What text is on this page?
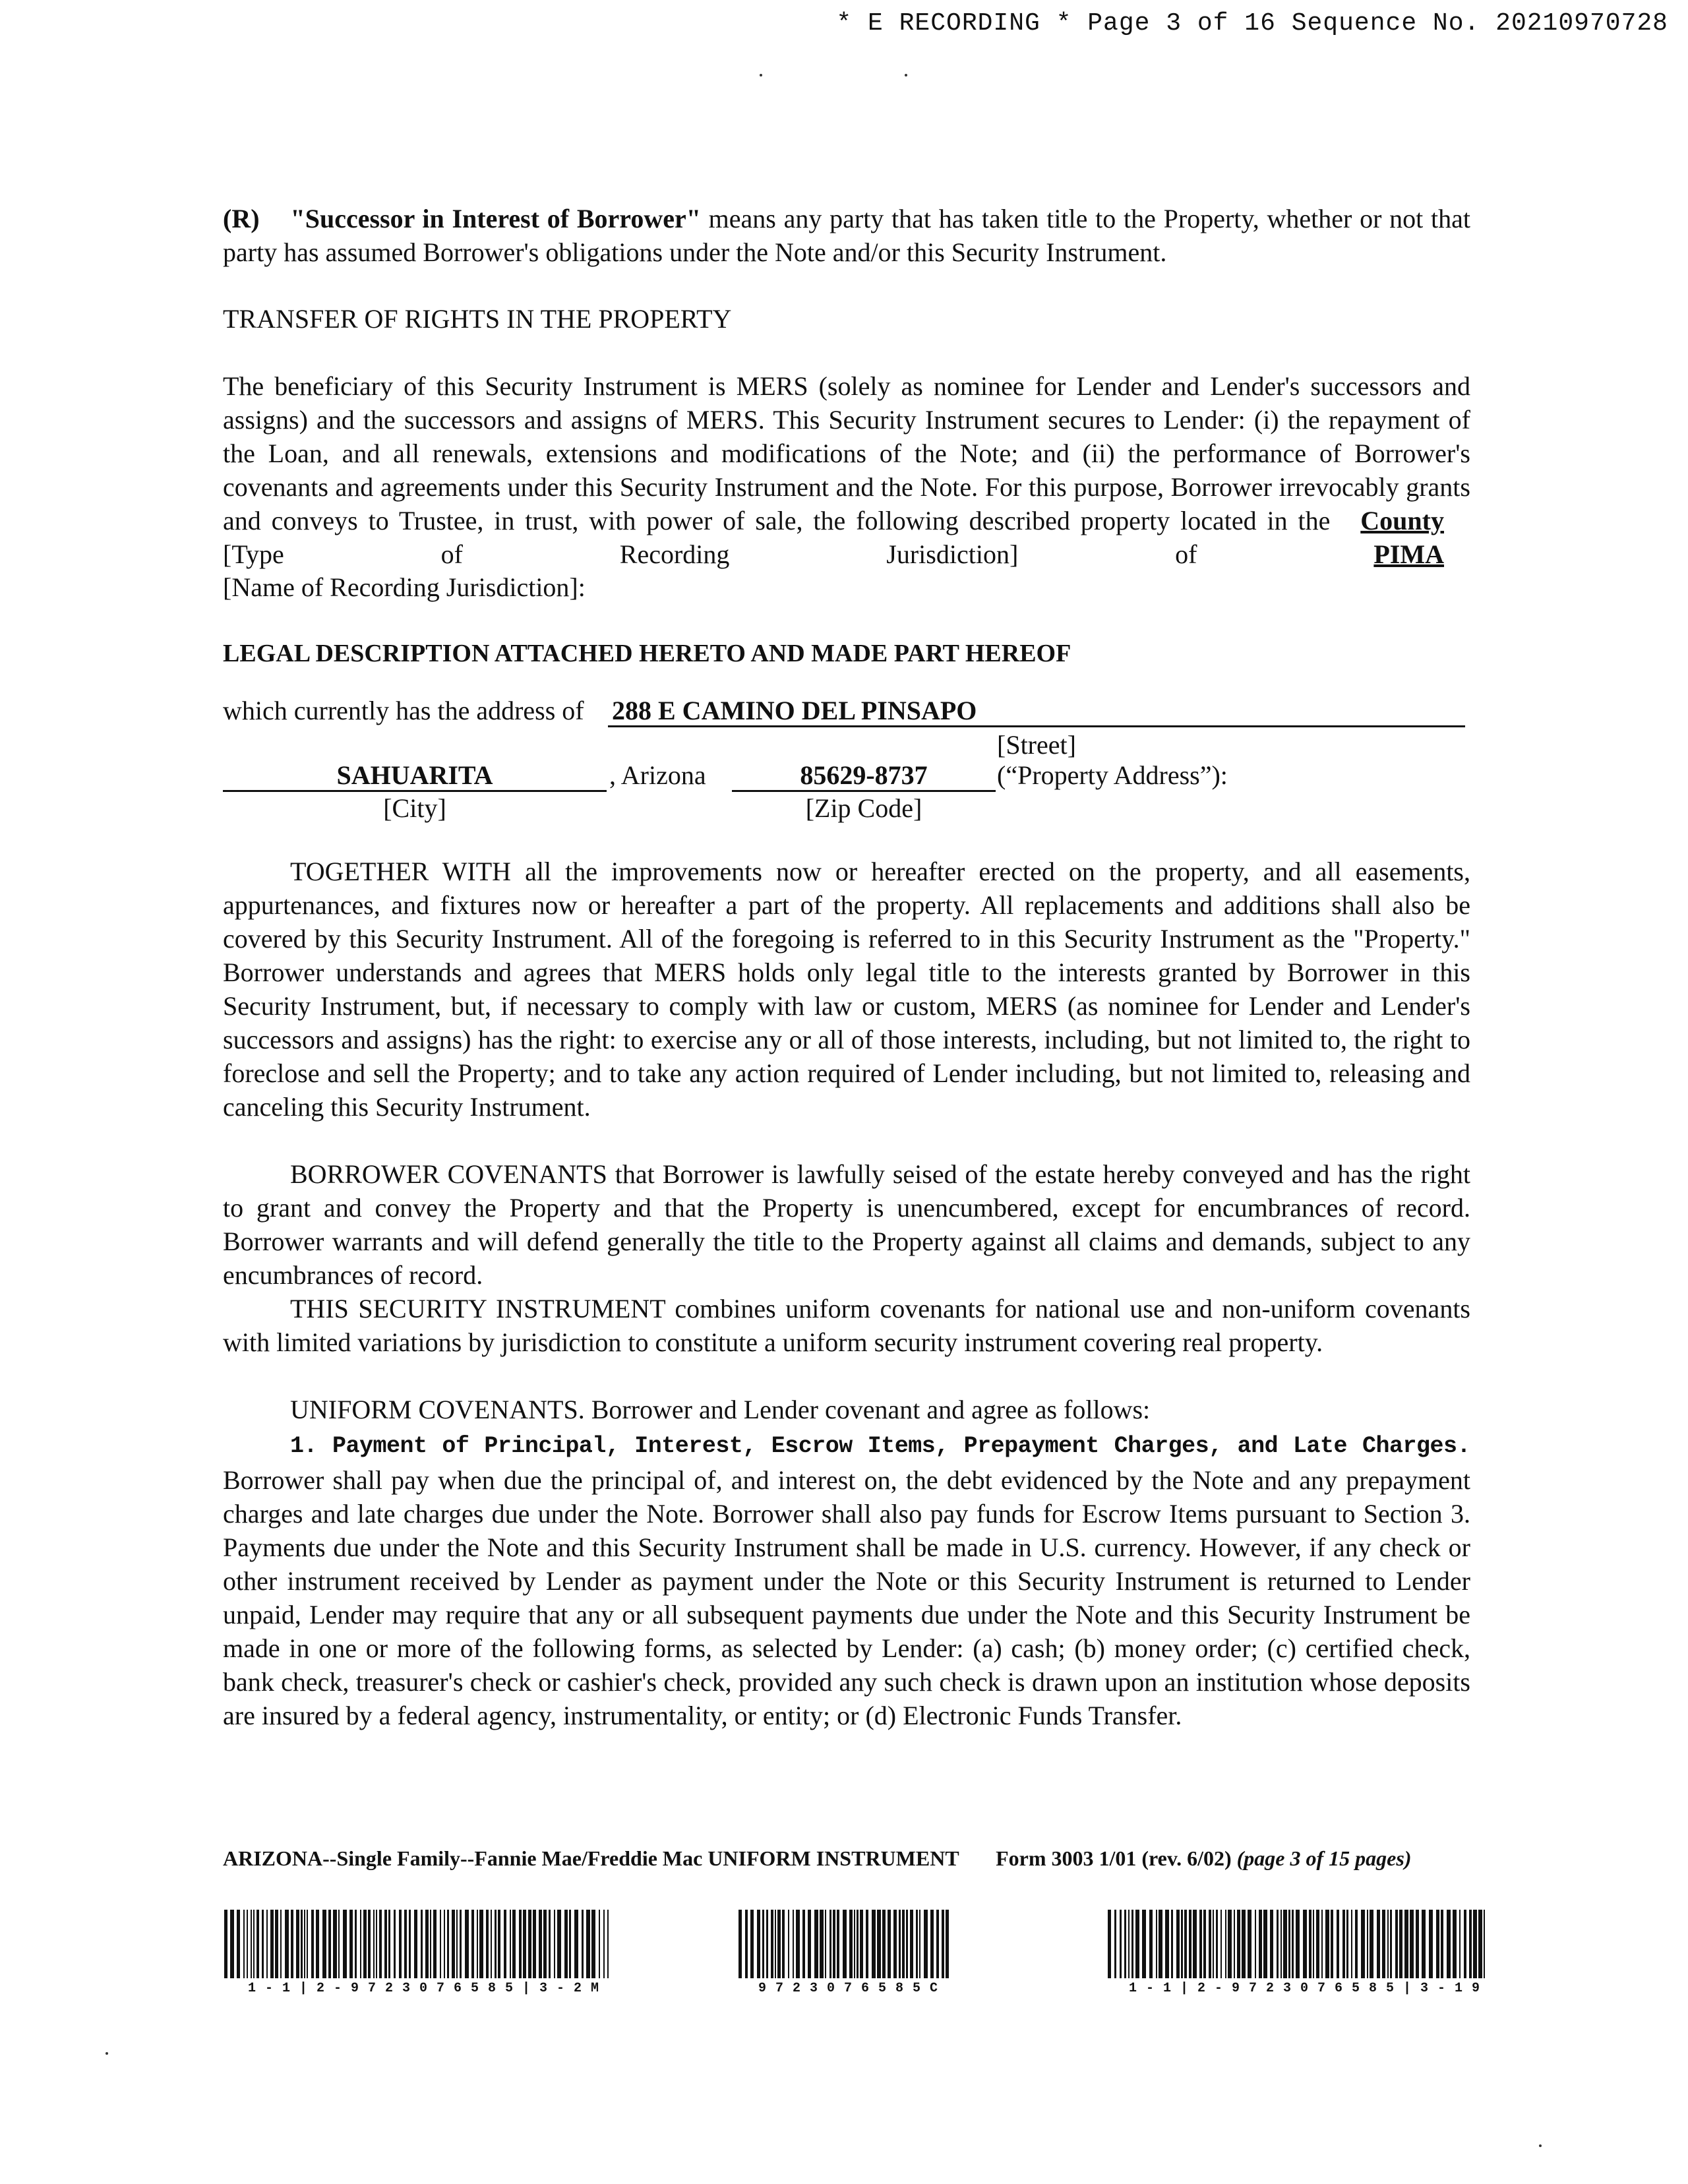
* E RECORDING * Page 3 of 16 Sequence No. 20210970728
(R) "Successor in Interest of Borrower" means any party that has taken title to the Property, whether or not that party has assumed Borrower's obligations under the Note and/or this Security Instrument.
TRANSFER OF RIGHTS IN THE PROPERTY
The beneficiary of this Security Instrument is MERS (solely as nominee for Lender and Lender's successors and assigns) and the successors and assigns of MERS. This Security Instrument secures to Lender: (i) the repayment of the Loan, and all renewals, extensions and modifications of the Note; and (ii) the performance of Borrower's covenants and agreements under this Security Instrument and the Note. For this purpose, Borrower irrevocably grants and conveys to Trustee, in trust, with power of sale, the following described property located in the County [Type of Recording Jurisdiction] of	PIMA
[Name of Recording Jurisdiction]:
LEGAL DESCRIPTION ATTACHED HERETO AND MADE PART HEREOF
which currently has the address of 288 E CAMINO DEL PINSAPO
[Street]
SAHUARITA	, Arizona	85629-8737	(“Property Address”):
[City]	[Zip Code]
TOGETHER WITH all the improvements now or hereafter erected on the property, and all easements, appurtenances, and fixtures now or hereafter a part of the property. All replacements and additions shall also be covered by this Security Instrument. All of the foregoing is referred to in this Security Instrument as the "Property." Borrower understands and agrees that MERS holds only legal title to the interests granted by Borrower in this Security Instrument, but, if necessary to comply with law or custom, MERS (as nominee for Lender and Lender's successors and assigns) has the right: to exercise any or all of those interests, including, but not limited to, the right to foreclose and sell the Property; and to take any action required of Lender including, but not limited to, releasing and canceling this Security Instrument.
BORROWER COVENANTS that Borrower is lawfully seised of the estate hereby conveyed and has the right to grant and convey the Property and that the Property is unencumbered, except for encumbrances of record. Borrower warrants and will defend generally the title to the Property against all claims and demands, subject to any encumbrances of record.
THIS SECURITY INSTRUMENT combines uniform covenants for national use and non-uniform covenants with limited variations by jurisdiction to constitute a uniform security instrument covering real property.
UNIFORM COVENANTS. Borrower and Lender covenant and agree as follows:
1. Payment of Principal, Interest, Escrow Items, Prepayment Charges, and Late Charges. Borrower shall pay when due the principal of, and interest on, the debt evidenced by the Note and any prepayment charges and late charges due under the Note. Borrower shall also pay funds for Escrow Items pursuant to Section 3. Payments due under the Note and this Security Instrument shall be made in U.S. currency. However, if any check or other instrument received by Lender as payment under the Note or this Security Instrument is returned to Lender unpaid, Lender may require that any or all subsequent payments due under the Note and this Security Instrument be made in one or more of the following forms, as selected by Lender: (a) cash; (b) money order; (c) certified check, bank check, treasurer's check or cashier's check, provided any such check is drawn upon an institution whose deposits are insured by a federal agency, instrumentality, or entity; or (d) Electronic Funds Transfer.
ARIZONA--Single Family--Fannie Mae/Freddie Mac UNIFORM INSTRUMENT Form 3003 1/01 (rev. 6/02) (page 3 of 15 pages)
1-1|2-9723076585|3-2M	9723076585C	1-1|2-9723076585|3-19
